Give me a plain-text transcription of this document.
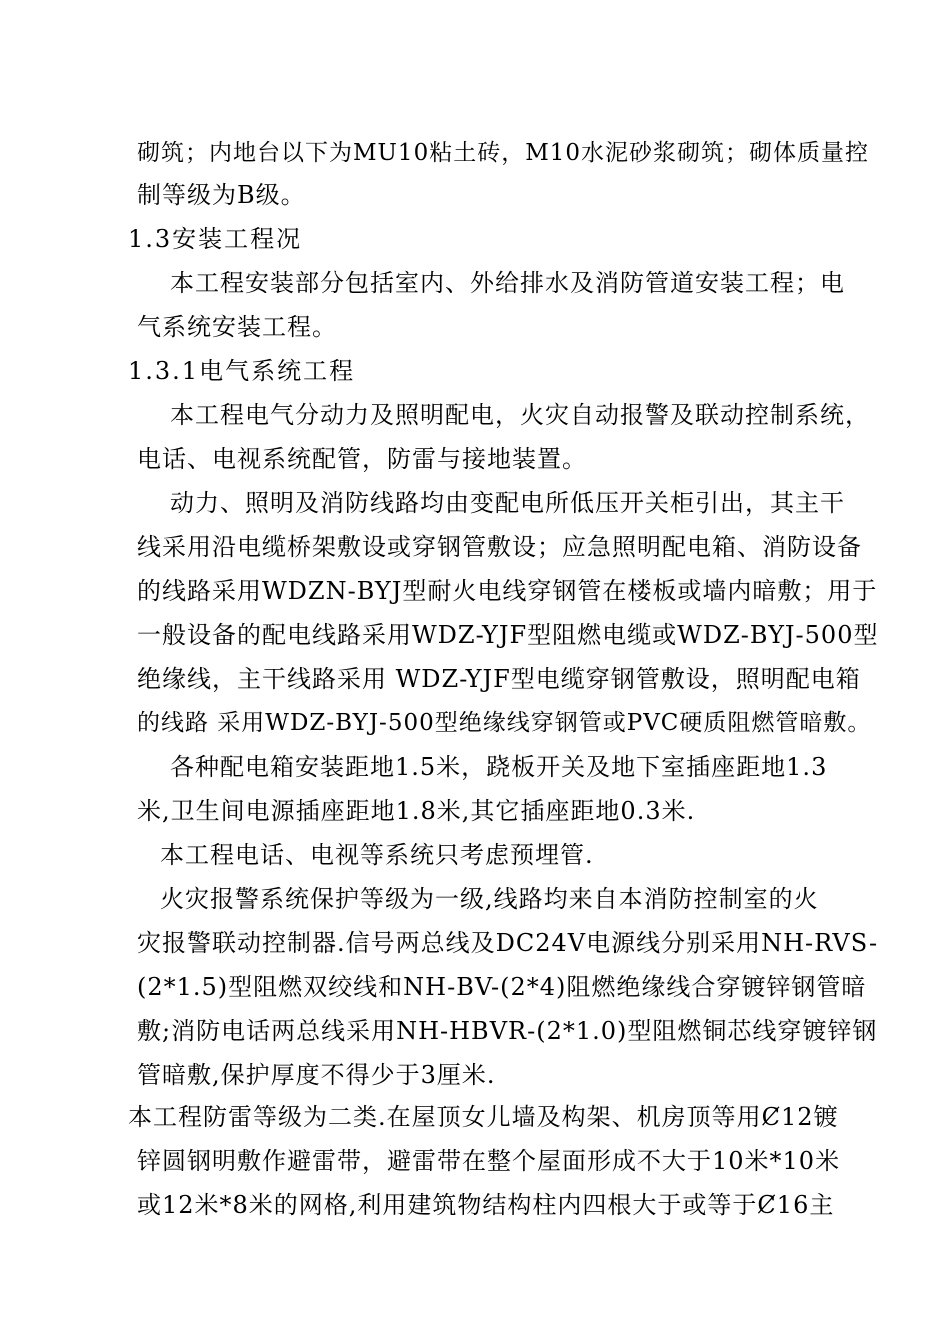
砌筑；内地台以下为MU10粘土砖，M10水泥砂浆砌筑；砌体质量控
制等级为B级。
1.3安装工程况
本工程安装部分包括室内、外给排水及消防管道安装工程；电
气系统安装工程。
1.3.1电气系统工程
本工程电气分动力及照明配电，火灾自动报警及联动控制系统，
电话、电视系统配管，防雷与接地装置。
动力、照明及消防线路均由变配电所低压开关柜引出，其主干
线采用沿电缆桥架敷设或穿钢管敷设；应急照明配电箱、消防设备
的线路采用WDZN-BYJ型耐火电线穿钢管在楼板或墙内暗敷；用于
一般设备的配电线路采用WDZ-YJF型阻燃电缆或WDZ-BYJ-500型
绝缘线，主干线路采用 WDZ-YJF型电缆穿钢管敷设，照明配电箱
的线路 采用WDZ-BYJ-500型绝缘线穿钢管或PVC硬质阻燃管暗敷。
各种配电箱安装距地1.5米，跷板开关及地下室插座距地1.3
米,卫生间电源插座距地1.8米,其它插座距地0.3米.
本工程电话、电视等系统只考虑预埋管.
火灾报警系统保护等级为一级,线路均来自本消防控制室的火
灾报警联动控制器.信号两总线及DC24V电源线分别采用NH-RVS-
(2*1.5)型阻燃双绞线和NH-BV-(2*4)阻燃绝缘线合穿镀锌钢管暗
敷;消防电话两总线采用NH-HBVR-(2*1.0)型阻燃铜芯线穿镀锌钢
管暗敷,保护厚度不得少于3厘米.
本工程防雷等级为二类.在屋顶女儿墙及构架、机房顶等用Ȼ12镀
锌圆钢明敷作避雷带，避雷带在整个屋面形成不大于10米*10米
或12米*8米的网格,利用建筑物结构柱内四根大于或等于Ȼ16主
